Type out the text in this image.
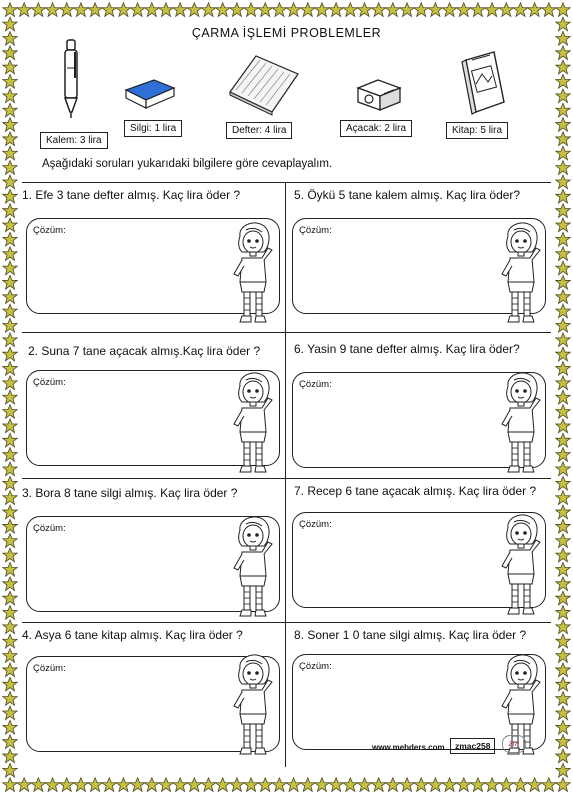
ÇARMA İŞLEMİ PROBLEMLER
Kalem: 3 lira
Silgi: 1 lira	Defter: 4 lira	Açacak: 2 lira	Kitap: 5 lira
Aşağıdaki soruları yukarıdaki bilgilere göre cevaplayalım.
1. Efe 3 tane defter almış. Kaç lira öder ?
Çözüm:
2. Suna 7 tane açacak almış.Kaç lira öder ?
Çözüm:
3. Bora 8 tane silgi almış. Kaç lira öder ?
Çözüm:
4. Asya 6 tane kitap almış. Kaç lira öder ?
Çözüm:
5. Öykü 5 tane kalem almış. Kaç lira öder?
Çözüm:
6. Yasin 9 tane defter almış. Kaç lira öder?
Çözüm:
7. Recep 6 tane açacak almış. Kaç lira öder ?
Çözüm:
8. Soner 1 0 tane silgi almış. Kaç lira öder ?
Çözüm:
www.mebders.com	zmac258	zm
